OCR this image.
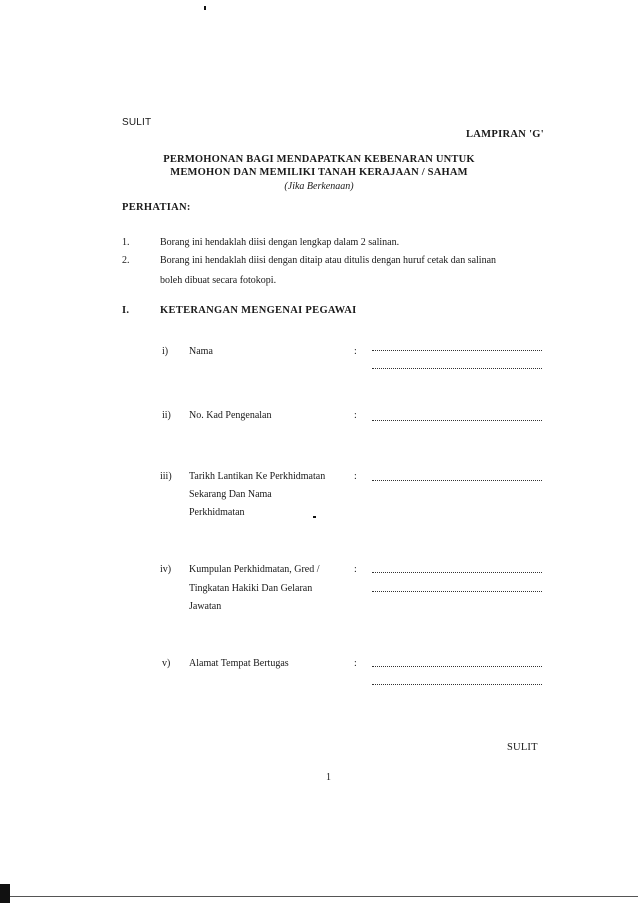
SULIT
LAMPIRAN 'G'
PERMOHONAN BAGI MENDAPATKAN KEBENARAN UNTUK
MEMOHON DAN MEMILIKI TANAH KERAJAAN / SAHAM
(Jika Berkenaan)
PERHATIAN:
1.	Borang ini hendaklah diisi dengan lengkap dalam 2 salinan.
2.	Borang ini hendaklah diisi dengan ditaip atau ditulis dengan huruf cetak dan salinan
boleh dibuat secara fotokopi.
I.	KETERANGAN MENGENAI PEGAWAI
i) Nama	:
ii) No. Kad Pengenalan	:
iii) Tarikh Lantikan Ke Perkhidmatan
Sekarang Dan Nama
Perkhidmatan
:
iv) Kumpulan Perkhidmatan, Gred /
Tingkatan Hakiki Dan Gelaran
Jawatan
:
v) Alamat Tempat Bertugas	:
SULIT
1
